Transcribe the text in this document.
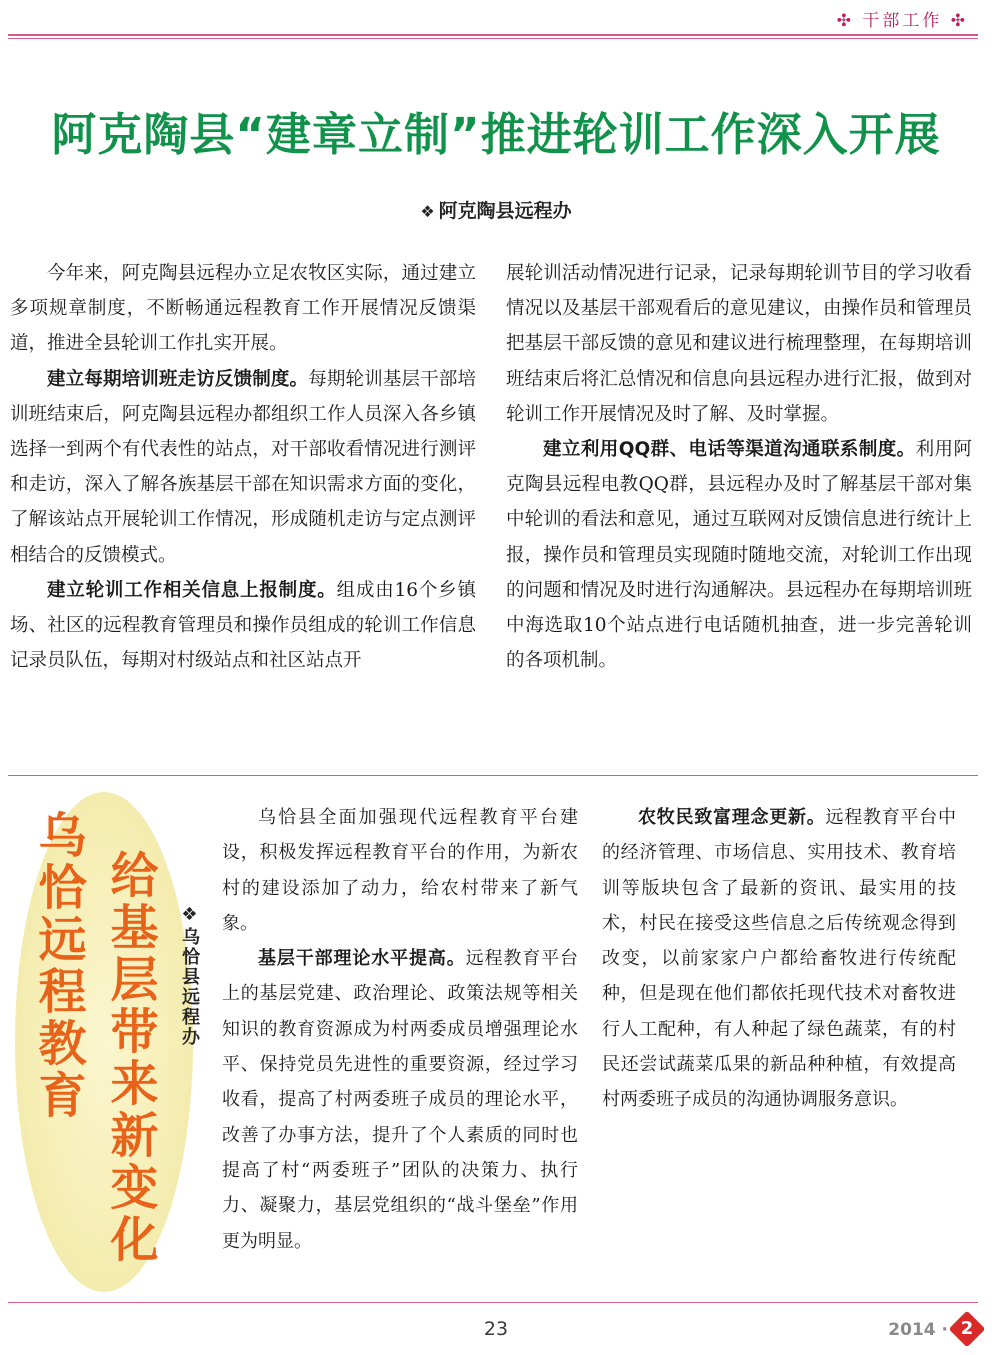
✣ 干部工作 ✣
阿克陶县“建章立制”推进轮训工作深入开展
❖ 阿克陶县远程办

今年来，阿克陶县远程办立足农牧区实际，通过建立多项规章制度，不断畅通远程教育工作开展情况反馈渠道，推进全县轮训工作扎实开展。

建立每期培训班走访反馈制度。每期轮训基层干部培训班结束后，阿克陶县远程办都组织工作人员深入各乡镇选择一到两个有代表性的站点，对干部收看情况进行测评和走访，深入了解各族基层干部在知识需求方面的变化，了解该站点开展轮训工作情况，形成随机走访与定点测评相结合的反馈模式。

建立轮训工作相关信息上报制度。组成由16个乡镇场、社区的远程教育管理员和操作员组成的轮训工作信息记录员队伍，每期对村级站点和社区站点开

展轮训活动情况进行记录，记录每期轮训节目的学习收看情况以及基层干部观看后的意见建议，由操作员和管理员把基层干部反馈的意见和建议进行梳理整理，在每期培训班结束后将汇总情况和信息向县远程办进行汇报，做到对轮训工作开展情况及时了解、及时掌握。

建立利用QQ群、电话等渠道沟通联系制度。利用阿克陶县远程电教QQ群，县远程办及时了解基层干部对集中轮训的看法和意见，通过互联网对反馈信息进行统计上报，操作员和管理员实现随时随地交流，对轮训工作出现的问题和情况及时进行沟通解决。县远程办在每期培训班中海选取10个站点进行电话随机抽查，进一步完善轮训的各项机制。

乌恰远程教育 给基层带来新变化	❖乌恰县远程办

乌恰县全面加强现代远程教育平台建设，积极发挥远程教育平台的作用，为新农村的建设添加了动力，给农村带来了新气象。

基层干部理论水平提高。远程教育平台上的基层党建、政治理论、政策法规等相关知识的教育资源成为村两委成员增强理论水平、保持党员先进性的重要资源，经过学习收看，提高了村两委班子成员的理论水平，改善了办事方法，提升了个人素质的同时也提高了村“两委班子”团队的决策力、执行力、凝聚力，基层党组织的“战斗堡垒”作用更为明显。

农牧民致富理念更新。远程教育平台中的经济管理、市场信息、实用技术、教育培训等版块包含了最新的资讯、最实用的技术，村民在接受这些信息之后传统观念得到改变，以前家家户户都给畜牧进行传统配种，但是现在他们都依托现代技术对畜牧进行人工配种，有人种起了绿色蔬菜，有的村民还尝试蔬菜瓜果的新品种种植，有效提高村两委班子成员的沟通协调服务意识。

23	2014 · 2
